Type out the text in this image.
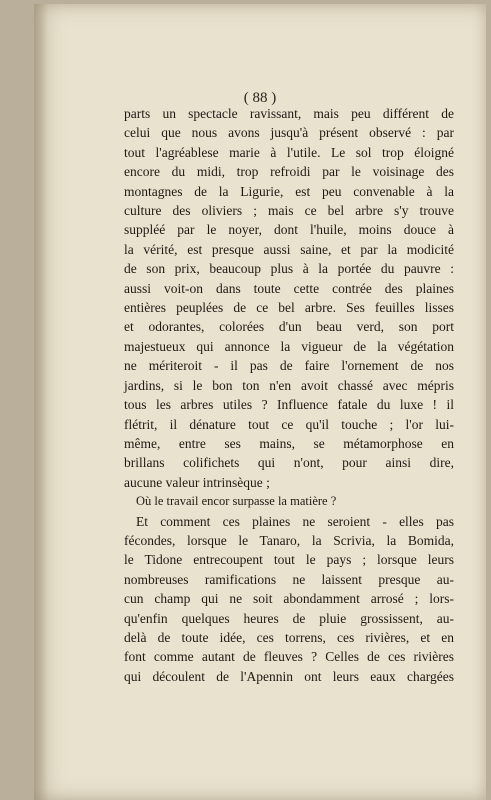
( 88 )
parts un spectacle ravissant, mais peu différent de
celui que nous avons jusqu'à présent observé : par
tout l'agréablese marie à l'utile. Le sol trop éloigné
encore du midi, trop refroidi par le voisinage des
montagnes de la Ligurie, est peu convenable à la
culture des oliviers ; mais ce bel arbre s'y trouve
suppléé par le noyer, dont l'huile, moins douce à
la vérité, est presque aussi saine, et par la modicité
de son prix, beaucoup plus à la portée du pauvre :
aussi voit-on dans toute cette contrée des plaines
entières peuplées de ce bel arbre. Ses feuilles lisses
et odorantes, colorées d'un beau verd, son port
majestueux qui annonce la vigueur de la végétation
ne mériteroit - il pas de faire l'ornement de nos
jardins, si le bon ton n'en avoit chassé avec mépris
tous les arbres utiles ? Influence fatale du luxe ! il
flétrit, il dénature tout ce qu'il touche ; l'or lui-
même, entre ses mains, se métamorphose en
brillans colifichets qui n'ont, pour ainsi dire,
aucune valeur intrinsèque ;
Où le travail encor surpasse la matière ?
Et comment ces plaines ne seroient - elles pas
fécondes, lorsque le Tanaro, la Scrivia, la Bomida,
le Tidone entrecoupent tout le pays ; lorsque leurs
nombreuses ramifications ne laissent presque au-
cun champ qui ne soit abondamment arrosé ; lors-
qu'enfin quelques heures de pluie grossissent, au-
delà de toute idée, ces torrens, ces rivières, et en
font comme autant de fleuves ? Celles de ces rivières
qui découlent de l'Apennin ont leurs eaux chargées
